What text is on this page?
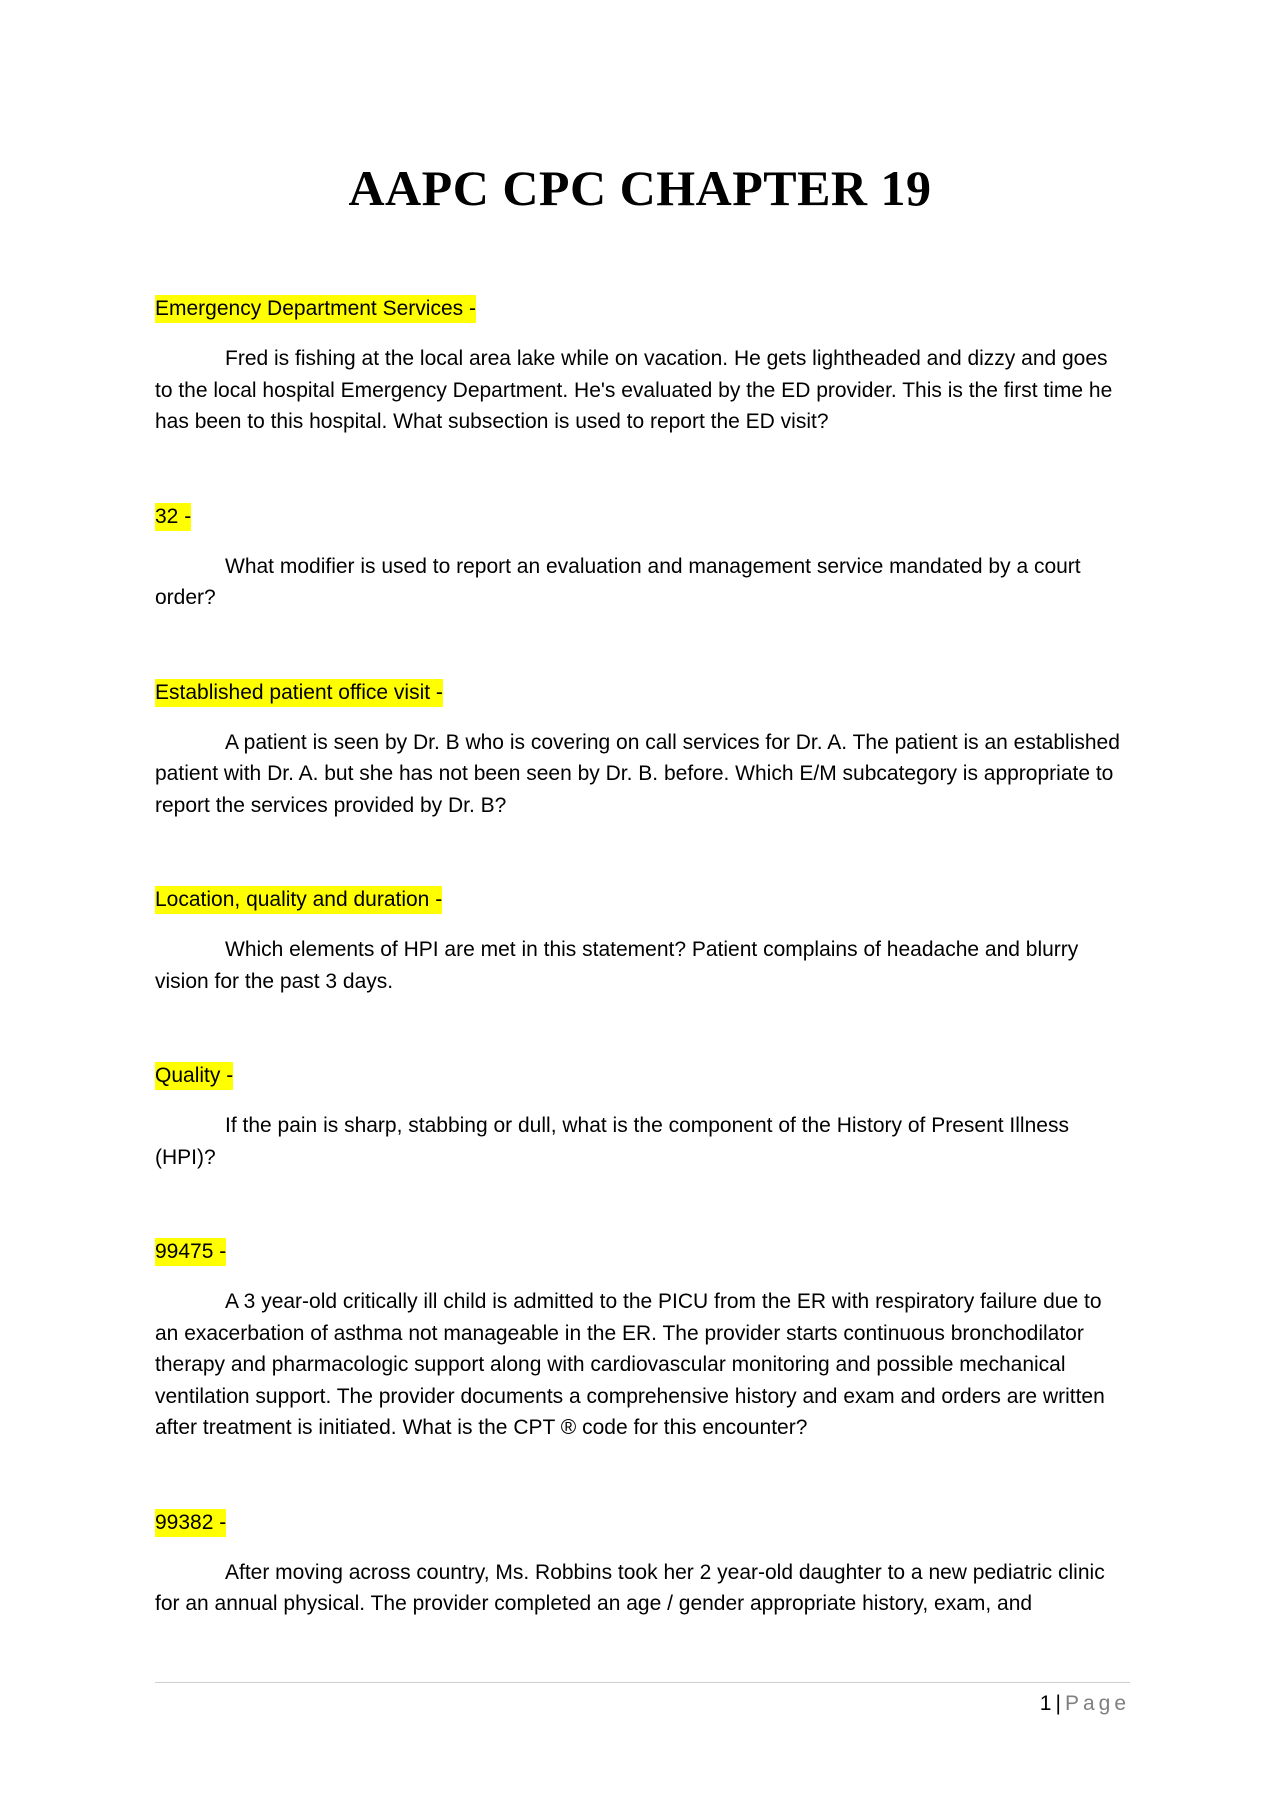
AAPC CPC CHAPTER 19
Emergency Department Services -

Fred is fishing at the local area lake while on vacation. He gets lightheaded and dizzy and goes to the local hospital Emergency Department. He's evaluated by the ED provider. This is the first time he has been to this hospital. What subsection is used to report the ED visit?

32 -

What modifier is used to report an evaluation and management service mandated by a court order?

Established patient office visit -

A patient is seen by Dr. B who is covering on call services for Dr. A. The patient is an established patient with Dr. A. but she has not been seen by Dr. B. before. Which E/M subcategory is appropriate to report the services provided by Dr. B?

Location, quality and duration -

Which elements of HPI are met in this statement? Patient complains of headache and blurry vision for the past 3 days.

Quality -

If the pain is sharp, stabbing or dull, what is the component of the History of Present Illness (HPI)?

99475 -

A 3 year-old critically ill child is admitted to the PICU from the ER with respiratory failure due to an exacerbation of asthma not manageable in the ER. The provider starts continuous bronchodilator therapy and pharmacologic support along with cardiovascular monitoring and possible mechanical ventilation support. The provider documents a comprehensive history and exam and orders are written after treatment is initiated. What is the CPT ® code for this encounter?

99382 -

After moving across country, Ms. Robbins took her 2 year-old daughter to a new pediatric clinic for an annual physical. The provider completed an age / gender appropriate history, exam, and

1 | Page
